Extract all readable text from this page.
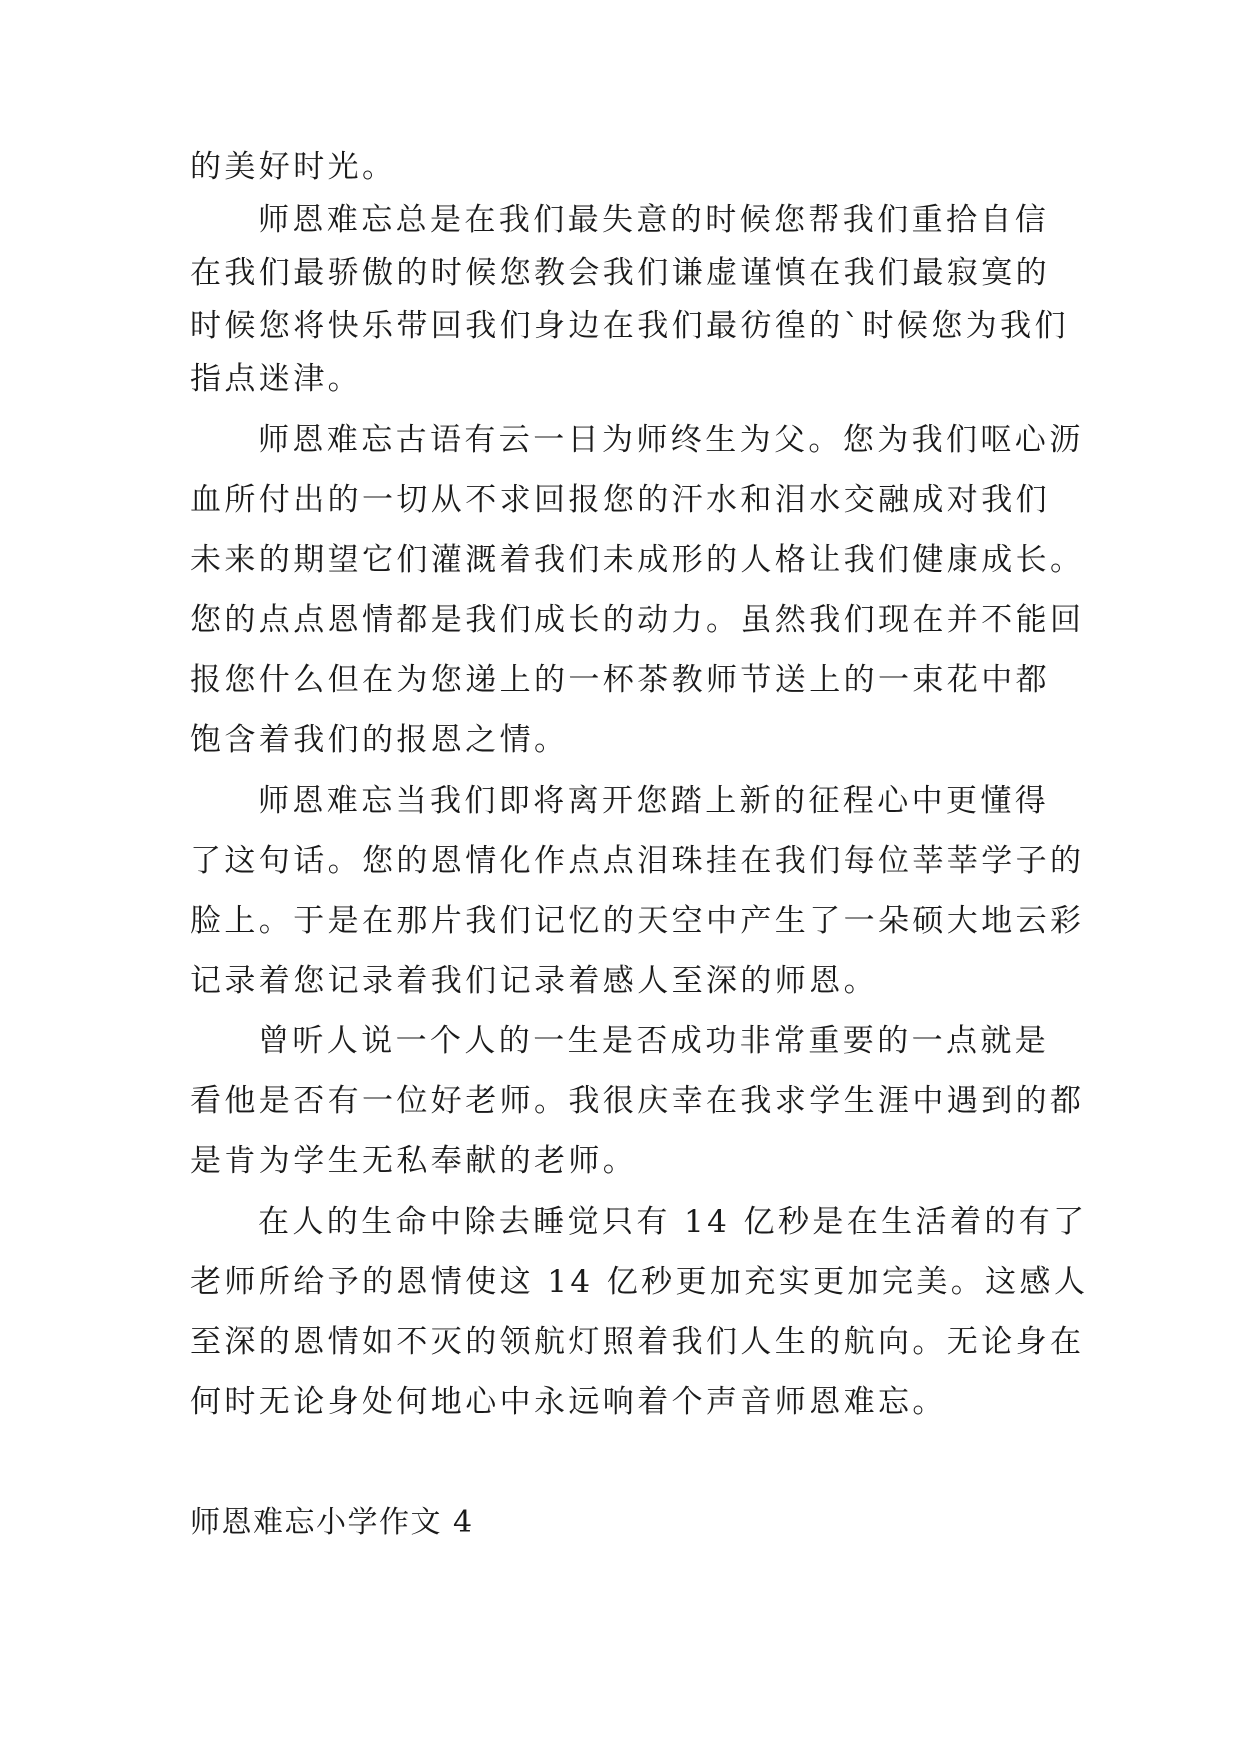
的美好时光。
师恩难忘总是在我们最失意的时候您帮我们重拾自信
在我们最骄傲的时候您教会我们谦虚谨慎在我们最寂寞的
时候您将快乐带回我们身边在我们最彷徨的`时候您为我们
指点迷津。
师恩难忘古语有云一日为师终生为父。您为我们呕心沥
血所付出的一切从不求回报您的汗水和泪水交融成对我们
未来的期望它们灌溉着我们未成形的人格让我们健康成长。
您的点点恩情都是我们成长的动力。虽然我们现在并不能回
报您什么但在为您递上的一杯茶教师节送上的一束花中都
饱含着我们的报恩之情。
师恩难忘当我们即将离开您踏上新的征程心中更懂得
了这句话。您的恩情化作点点泪珠挂在我们每位莘莘学子的
脸上。于是在那片我们记忆的天空中产生了一朵硕大地云彩
记录着您记录着我们记录着感人至深的师恩。
曾听人说一个人的一生是否成功非常重要的一点就是
看他是否有一位好老师。我很庆幸在我求学生涯中遇到的都
是肯为学生无私奉献的老师。
在人的生命中除去睡觉只有 14 亿秒是在生活着的有了
老师所给予的恩情使这 14 亿秒更加充实更加完美。这感人
至深的恩情如不灭的领航灯照着我们人生的航向。无论身在
何时无论身处何地心中永远响着个声音师恩难忘。
师恩难忘小学作文 4
